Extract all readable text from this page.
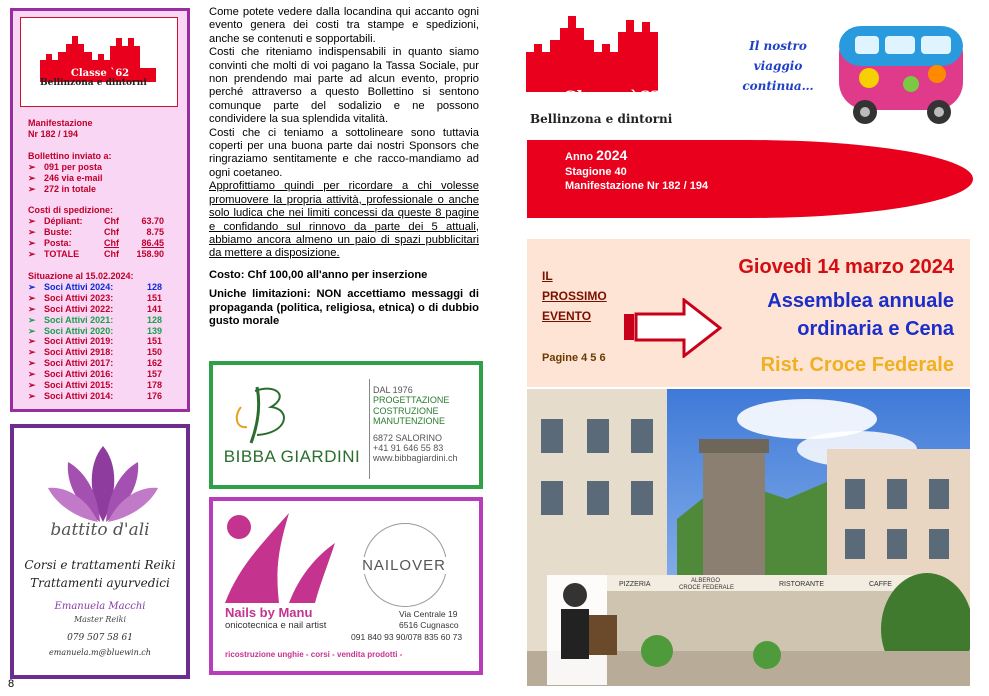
Classe `62
Bellinzona e dintorni
Manifestazione
Nr 182 / 194
Bollettino inviato a:
➢ 091 per posta
➢ 246 via e-mail
➢ 272 in totale
Costi di spedizione:
➢ Dépliant:	Chf	63.70
➢ Buste:	Chf	8.75
➢ Posta:	Chf	86.45
➢ TOTALE	Chf	158.90
Situazione al 15.02.2024:
➢ Soci Attivi 2024:	128
➢ Soci Attivi 2023:	151
➢ Soci Attivi 2022:	141
➢ Soci Attivi 2021:	128
➢ Soci Attivi 2020:	139
➢ Soci Attivi 2019:	151
➢ Soci Attivi 2918:	150
➢ Soci Attivi 2017:	162
➢ Soci Attivi 2016:	157
➢ Soci Attivi 2015:	178
➢ Soci Attivi 2014:	176
battito d'ali
Corsi e trattamenti Reiki
Trattamenti ayurvedici
Emanuela Macchi
Master Reiki
079 507 58 61
emanuela.m@bluewin.ch
8

Come potete vedere dalla locandina qui accanto ogni evento genera dei costi tra stampe e spedizioni, anche se contenuti e sopportabili.

Costi che riteniamo indispensabili in quanto siamo convinti che molti di voi pagano la Tassa Sociale, pur non prendendo mai parte ad alcun evento, proprio perché attraverso a questo Bollettino si sentono comunque parte del sodalizio e ne possono condividere la sua splendida vitalità.

Costi che ci teniamo a sottolineare sono tuttavia coperti per una buona parte dai nostri Sponsors che ringraziamo sentitamente e che racco-mandiamo ad ogni coetaneo.

Approfittiamo quindi per ricordare a chi volesse promuovere la propria attività, professionale o anche solo ludica che nei limiti concessi da queste 8 pagine e confidando sul rinnovo da parte dei 5 attuali, abbiamo ancora almeno un paio di spazi pubblicitari da mettere a disposizione.

Costo: Chf 100,00 all'anno per inserzione

Uniche limitazioni: NON accettiamo messaggi di propaganda (politica, religiosa, etnica) o di dubbio gusto morale

BIBBA GIARDINI
DAL 1976
PROGETTAZIONE
COSTRUZIONE
MANUTENZIONE
6872 SALORINO
+41 91 646 55 83
www.bibbagiardini.ch
NAILOVER
Nails by Manu
onicotecnica e nail artist
Via Centrale 19
6516 Cugnasco
091 840 93 90/078 835 60 73
ricostruzione unghie - corsi - vendita prodotti -
Classe `62
Bellinzona e dintorni
Il nostro
viaggio
continua…
Anno 2024
Stagione 40
Manifestazione Nr 182 / 194
IL
PROSSIMO
EVENTO
Pagine 4 5 6
Giovedì 14 marzo 2024
Assemblea annuale
ordinaria e Cena
Rist. Croce Federale
PIZZERIA	ALBERGO
CROCE FEDERALE	RISTORANTE	CAFFE
